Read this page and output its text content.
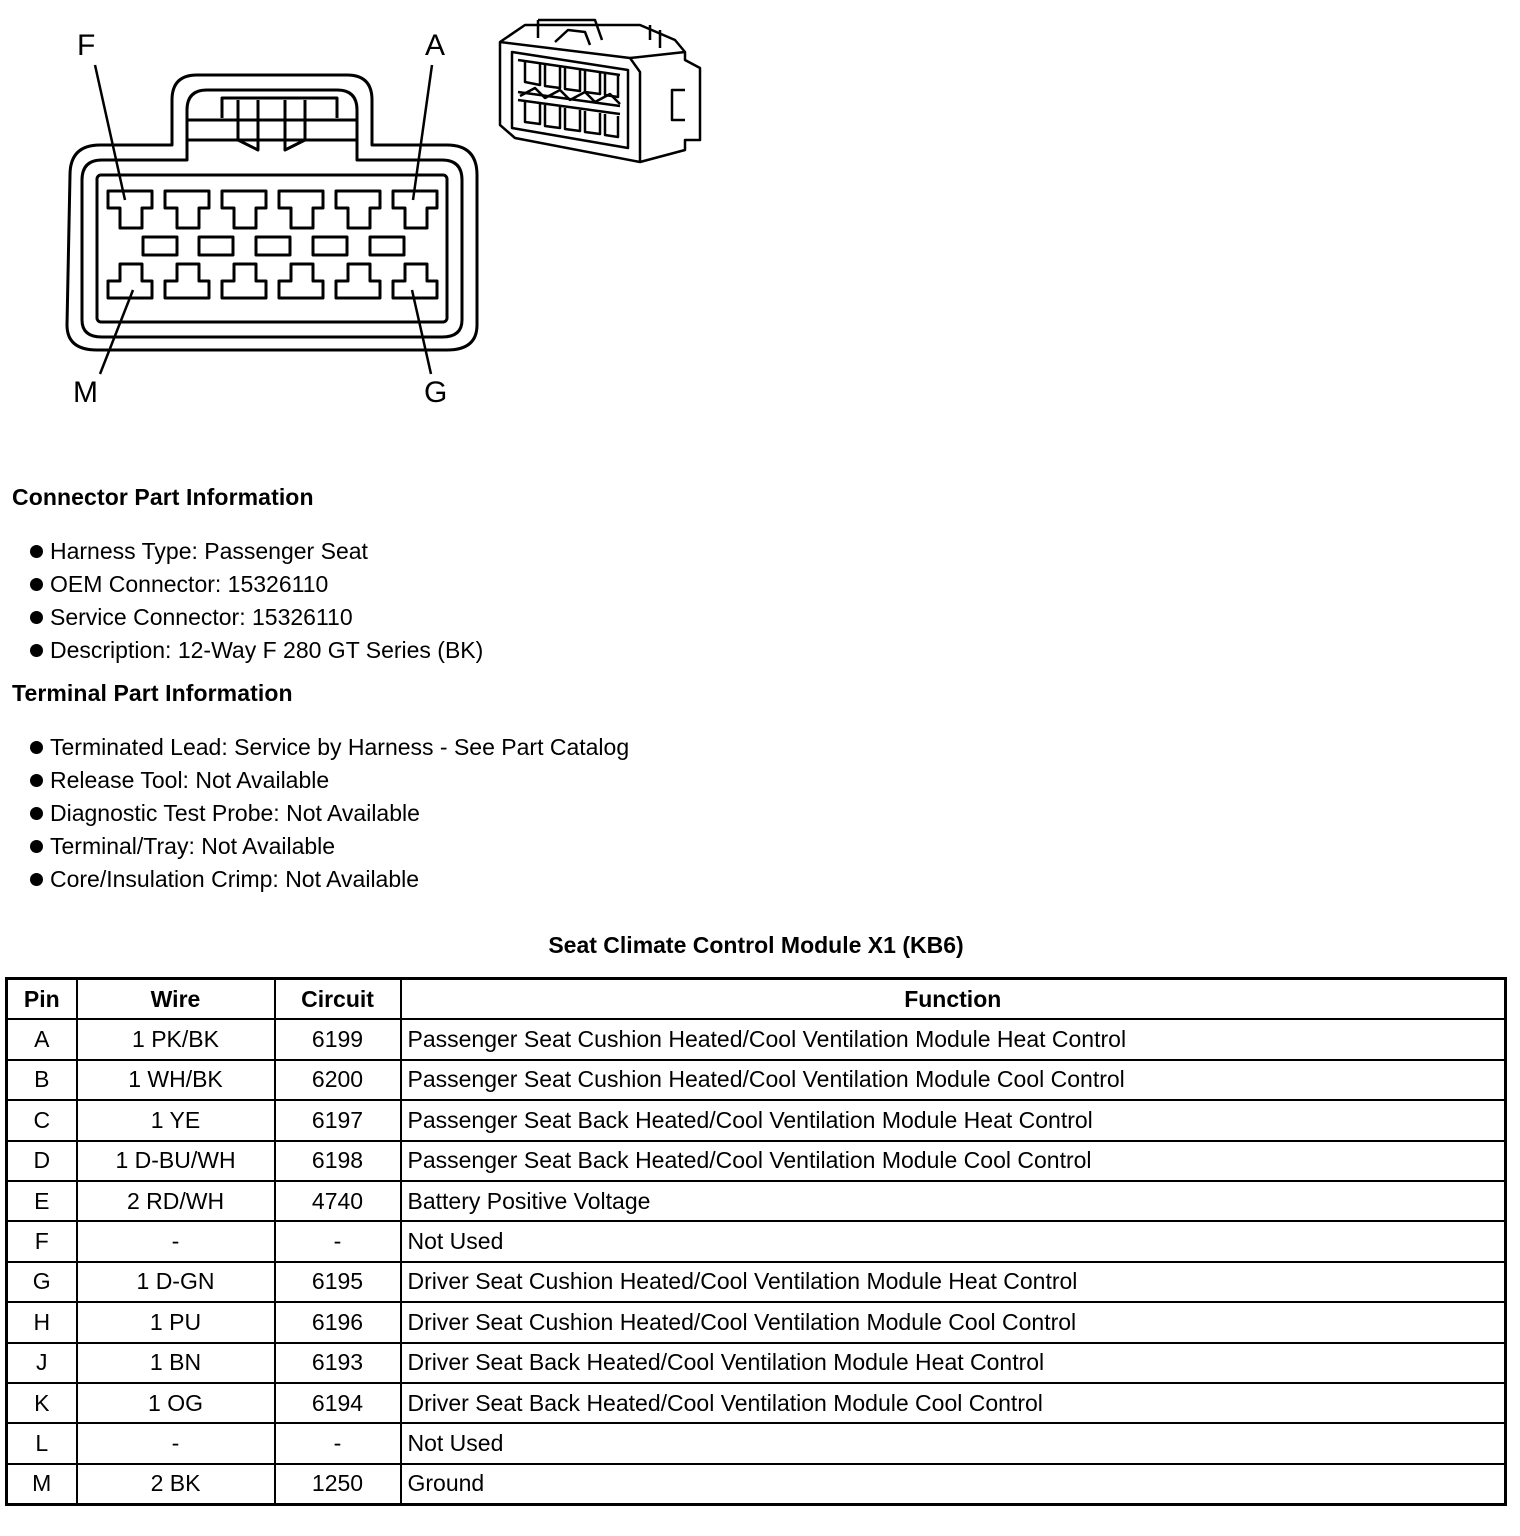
F	A
M	G
Connector Part Information
Harness Type: Passenger Seat
OEM Connector: 15326110
Service Connector: 15326110
Description: 12-Way F 280 GT Series (BK)
Terminal Part Information
Terminated Lead: Service by Harness - See Part Catalog
Release Tool: Not Available
Diagnostic Test Probe: Not Available
Terminal/Tray: Not Available
Core/Insulation Crimp: Not Available
Seat Climate Control Module X1 (KB6)
Pin	Wire	Circuit	Function
A	1 PK/BK	6199	Passenger Seat Cushion Heated/Cool Ventilation Module Heat Control
B	1 WH/BK	6200	Passenger Seat Cushion Heated/Cool Ventilation Module Cool Control
C	1 YE	6197	Passenger Seat Back Heated/Cool Ventilation Module Heat Control
D	1 D-BU/WH	6198	Passenger Seat Back Heated/Cool Ventilation Module Cool Control
E	2 RD/WH	4740	Battery Positive Voltage
F	-	-	Not Used
G	1 D-GN	6195	Driver Seat Cushion Heated/Cool Ventilation Module Heat Control
H	1 PU	6196	Driver Seat Cushion Heated/Cool Ventilation Module Cool Control
J	1 BN	6193	Driver Seat Back Heated/Cool Ventilation Module Heat Control
K	1 OG	6194	Driver Seat Back Heated/Cool Ventilation Module Cool Control
L	-	-	Not Used
M	2 BK	1250	Ground
